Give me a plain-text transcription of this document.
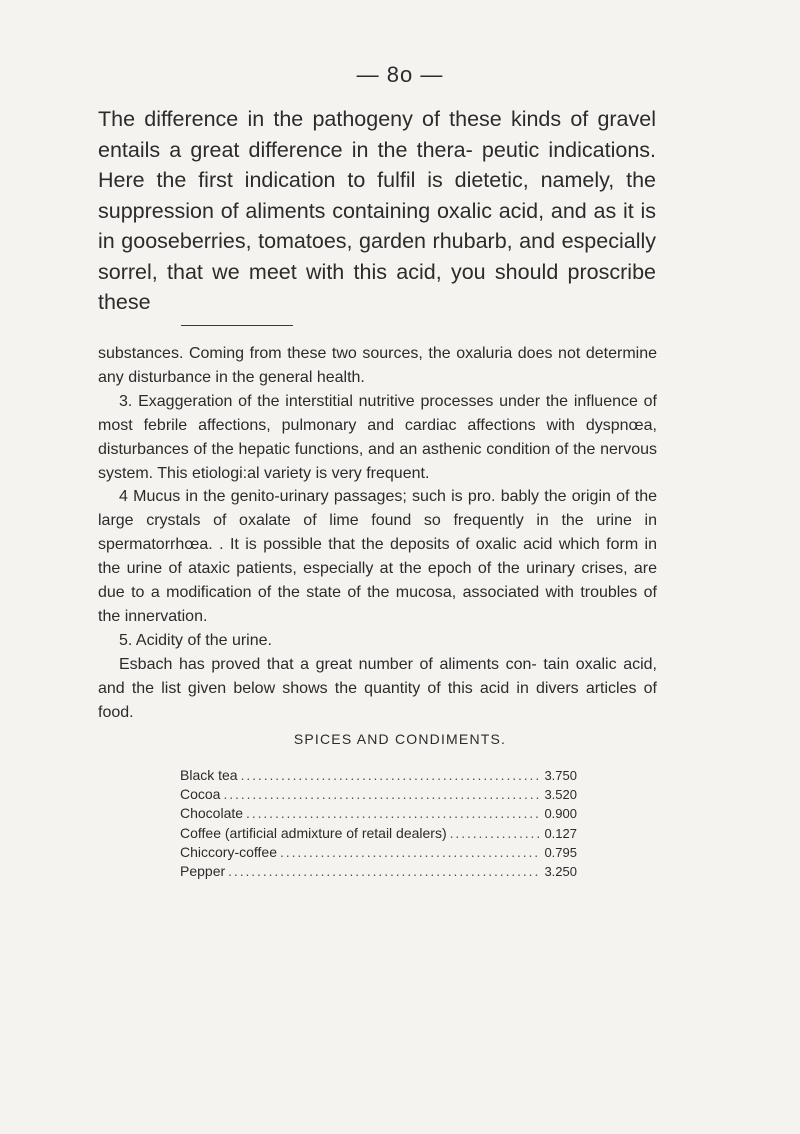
— 8o —

The difference in the pathogeny of these kinds of gravel entails a great difference in the thera- peutic indications. Here the first indication to fulfil is dietetic, namely, the suppression of aliments containing oxalic acid, and as it is in gooseberries, tomatoes, garden rhubarb, and especially sorrel, that we meet with this acid, you should proscribe these

substances. Coming from these two sources, the oxaluria does not determine any disturbance in the general health.

3. Exaggeration of the interstitial nutritive processes under the influence of most febrile affections, pulmonary and cardiac affections with dyspnœa, disturbances of the hepatic functions, and an asthenic condition of the nervous system. This etiologi:al variety is very frequent.

4 Mucus in the genito-urinary passages; such is pro. bably the origin of the large crystals of oxalate of lime found so frequently in the urine in spermatorrhœa. . It is possible that the deposits of oxalic acid which form in the urine of ataxic patients, especially at the epoch of the urinary crises, are due to a modification of the state of the mucosa, associated with troubles of the innervation.

5. Acidity of the urine.

Esbach has proved that a great number of aliments con- tain oxalic acid, and the list given below shows the quantity of this acid in divers articles of food.

SPICES AND CONDIMENTS.
Black tea . . .	3.750
Cocoa . . .	3.520
Chocolate . . .	0.900
Coffee (artificial admixture of retail dealers) . . .	0.127
Chiccory-coffee . . .	0.795
Pepper . . .	3.250
